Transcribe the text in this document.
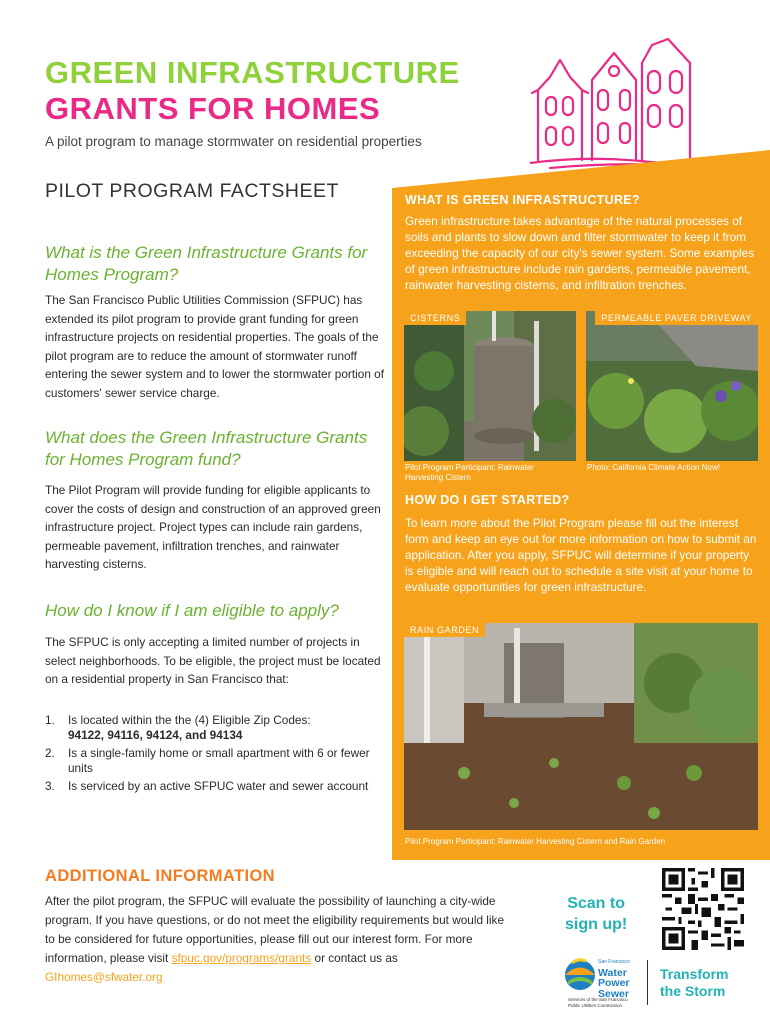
GREEN INFRASTRUCTURE
GRANTS FOR HOMES
A pilot program to manage stormwater on residential properties
PILOT PROGRAM FACTSHEET
What is the Green Infrastructure Grants for Homes Program?
The San Francisco Public Utilities Commission (SFPUC) has extended its pilot program to provide grant funding for green infrastructure projects on residential properties. The goals of the pilot program are to reduce the amount of stormwater runoff entering the sewer system and to lower the stormwater portion of customers' sewer service charge.
What does the Green Infrastructure Grants for Homes Program fund?
The Pilot Program will provide funding for eligible applicants to cover the costs of design and construction of an approved green infrastructure project. Project types can include rain gardens, permeable pavement, infiltration trenches, and rainwater harvesting cisterns.
How do I know if I am eligible to apply?
The SFPUC is only accepting a limited number of projects in select neighborhoods. To be eligible, the project must be located on a residential property in San Francisco that:
1.	Is located within the the (4) Eligible Zip Codes:
94122, 94116, 94124, and 94134
2.	Is a single-family home or small apartment with 6 or fewer units
3.	Is serviced by an active SFPUC water and sewer account
WHAT IS GREEN INFRASTRUCTURE?
Green infrastructure takes advantage of the natural processes of soils and plants to slow down and filter stormwater to keep it from exceeding the capacity of our city's sewer system. Some examples of green infrastructure include rain gardens, permeable pavement, rainwater harvesting cisterns, and infiltration trenches.
CISTERNS	PERMEABLE PAVER DRIVEWAY
Pilot Program Participant: Rainwater Harvesting Cistern
Photo: California Climate Action Now!
HOW DO I GET STARTED?
To learn more about the Pilot Program please fill out the interest form and keep an eye out for more information on how to submit an application. After you apply, SFPUC will determine if your property is eligible and will reach out to schedule a site visit at your home to evaluate opportunities for green infrastructure.
RAIN GARDEN
Pilot Program Participant: Rainwater Harvesting Cistern and Rain Garden
ADDITIONAL INFORMATION
After the pilot program, the SFPUC will evaluate the possibility of launching a city-wide program. If you have questions, or do not meet the eligibility requirements but would like to be considered for future opportunities, please fill out our interest form. For more information, please visit sfpuc.gov/programs/grants or contact us as GIhomes@sfwater.org
Scan to
sign up!
San Francisco
Water
Power
Sewer
Services of the San Francisco Public Utilities Commission
Transform
the Storm
